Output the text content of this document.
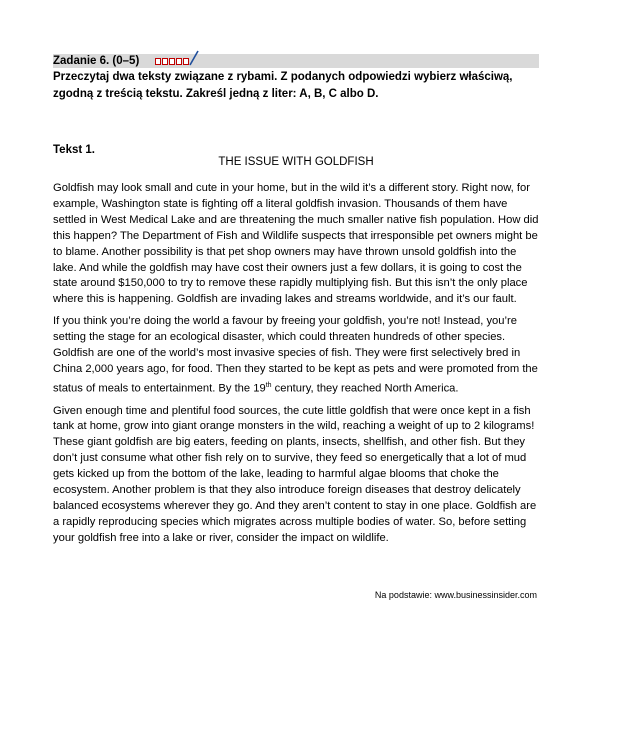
Zadanie 6. (0–5)
Przeczytaj dwa teksty związane z rybami. Z podanych odpowiedzi wybierz właściwą, zgodną z treścią tekstu. Zakreśl jedną z liter: A, B, C albo D.
Tekst 1.
THE ISSUE WITH GOLDFISH

Goldfish may look small and cute in your home, but in the wild it’s a different story. Right now, for example, Washington state is fighting off a literal goldfish invasion. Thousands of them have settled in West Medical Lake and are threatening the much smaller native fish population. How did this happen? The Department of Fish and Wildlife suspects that irresponsible pet owners might be to blame. Another possibility is that pet shop owners may have thrown unsold goldfish into the lake. And while the goldfish may have cost their owners just a few dollars, it is going to cost the state around $150,000 to try to remove these rapidly multiplying fish. But this isn’t the only place where this is happening. Goldfish are invading lakes and streams worldwide, and it’s our fault.

If you think you’re doing the world a favour by freeing your goldfish, you’re not! Instead, you’re setting the stage for an ecological disaster, which could threaten hundreds of other species. Goldfish are one of the world’s most invasive species of fish. They were first selectively bred in China 2,000 years ago, for food. Then they started to be kept as pets and were promoted from the status of meals to entertainment. By the 19th century, they reached North America.

Given enough time and plentiful food sources, the cute little goldfish that were once kept in a fish tank at home, grow into giant orange monsters in the wild, reaching a weight of up to 2 kilograms! These giant goldfish are big eaters, feeding on plants, insects, shellfish, and other fish. But they don’t just consume what other fish rely on to survive, they feed so energetically that a lot of mud gets kicked up from the bottom of the lake, leading to harmful algae blooms that choke the ecosystem. Another problem is that they also introduce foreign diseases that destroy delicately balanced ecosystems wherever they go. And they aren’t content to stay in one place. Goldfish are a rapidly reproducing species which migrates across multiple bodies of water. So, before setting your goldfish free into a lake or river, consider the impact on wildlife.

Na podstawie: www.businessinsider.com
